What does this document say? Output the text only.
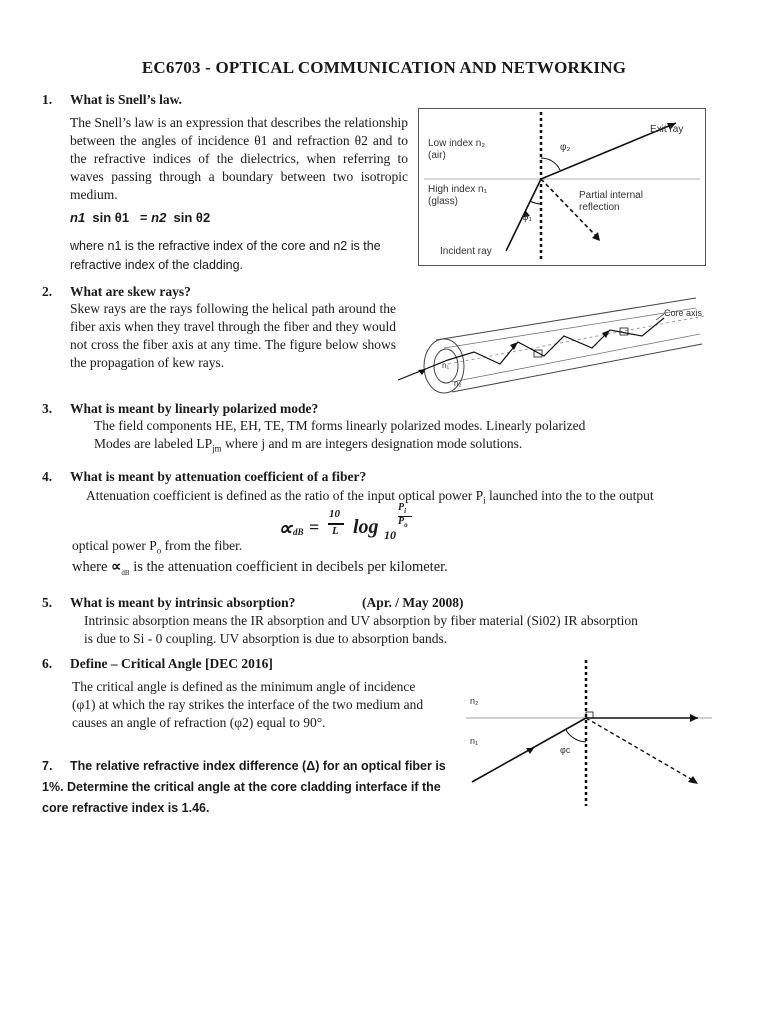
EC6703 - OPTICAL COMMUNICATION AND NETWORKING
1. What is Snell’s law.
The Snell’s law is an expression that describes the relationship between the angles of incidence θ1 and refraction θ2 and to the refractive indices of the dielectrics, when referring to waves passing through a boundary between two isotropic medium.
n1 sin θ1 = n2 sin θ2
where n1 is the refractive index of the core and n2 is the refractive index of the cladding.
Low index n₂
(air)
High index n₁
(glass)
φ₂
φ₁
Exit ray
Partial internal
reflection
Incident ray
2. What are skew rays?
Skew rays are the rays following the helical path around the fiber axis when they travel through the fiber and they would not cross the fiber axis at any time. The figure below shows the propagation of kew rays.
Core axis
n₁
n₂
3. What is meant by linearly polarized mode?
The field components HE, EH, TE, TM forms linearly polarized modes. Linearly polarized
Modes are labeled $LP_{jm}$ where j and m are integers designation mode solutions.
4. What is meant by attenuation coefficient of a fiber?
Attenuation coefficient is defined as the ratio of the input optical power $P_i$ launched into the to the output
∝ dB =
10
L log 10
$P_i$
$P_o$
optical power $P_o$ from the fiber.
where $\propto_{dB}$ is the attenuation coefficient in decibels per kilometer.
5. What is meant by intrinsic absorption?	(Apr. / May 2008)
Intrinsic absorption means the IR absorption and UV absorption by fiber material (Si02) IR absorption
is due to Si - 0 coupling. UV absorption is due to absorption bands.
6. Define – Critical Angle [DEC 2016]
The critical angle is defined as the minimum angle of incidence (φ1) at which the ray strikes the interface of the two medium and causes an angle of refraction (φ2) equal to 90°.
n₂
n₁
φc
7. The relative refractive index difference (Δ) for an optical fiber is 1%. Determine the critical angle at the core cladding interface if the core refractive index is 1.46.
